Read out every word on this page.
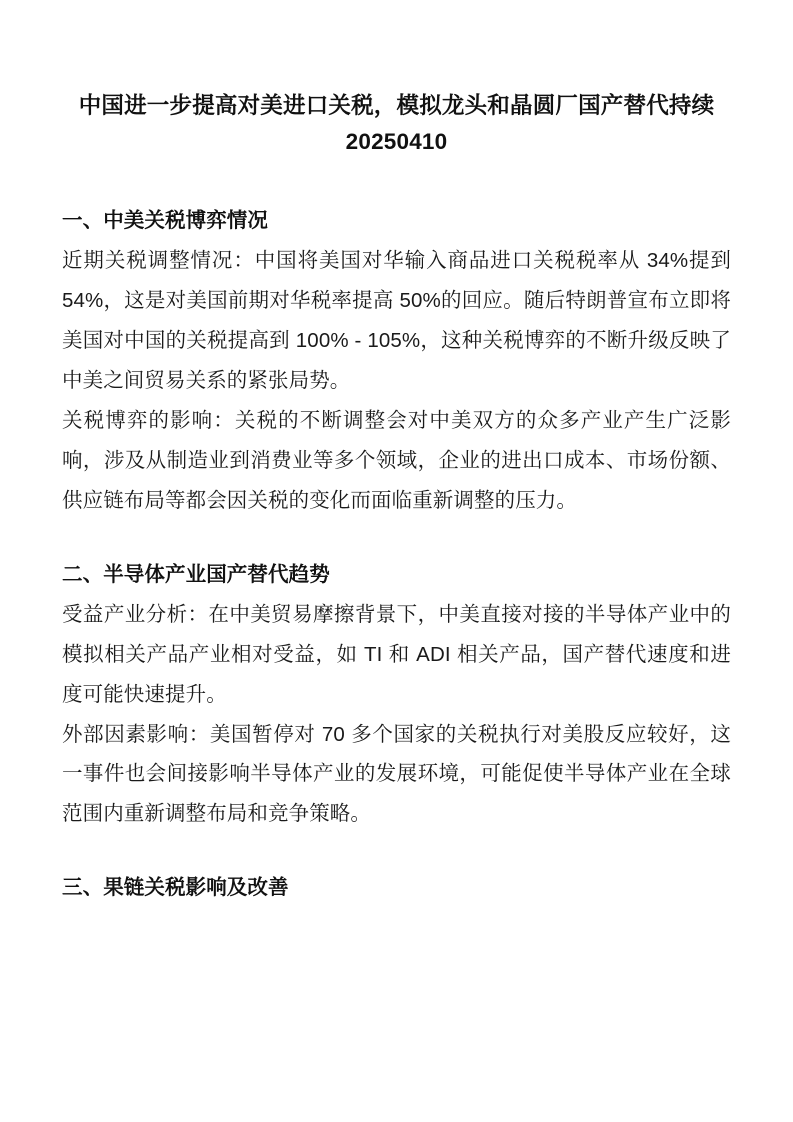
中国进一步提高对美进口关税，模拟龙头和晶圆厂国产替代持续
20250410
一、中美关税博弈情况

近期关税调整情况：中国将美国对华输入商品进口关税税率从 34%提到 54%，这是对美国前期对华税率提高 50%的回应。随后特朗普宣布立即将美国对中国的关税提高到 100% - 105%，这种关税博弈的不断升级反映了中美之间贸易关系的紧张局势。

关税博弈的影响：关税的不断调整会对中美双方的众多产业产生广泛影响，涉及从制造业到消费业等多个领域，企业的进出口成本、市场份额、供应链布局等都会因关税的变化而面临重新调整的压力。

二、半导体产业国产替代趋势

受益产业分析：在中美贸易摩擦背景下，中美直接对接的半导体产业中的模拟相关产品产业相对受益，如 TI 和 ADI 相关产品，国产替代速度和进度可能快速提升。

外部因素影响：美国暂停对 70 多个国家的关税执行对美股反应较好，这一事件也会间接影响半导体产业的发展环境，可能促使半导体产业在全球范围内重新调整布局和竞争策略。

三、果链关税影响及改善
